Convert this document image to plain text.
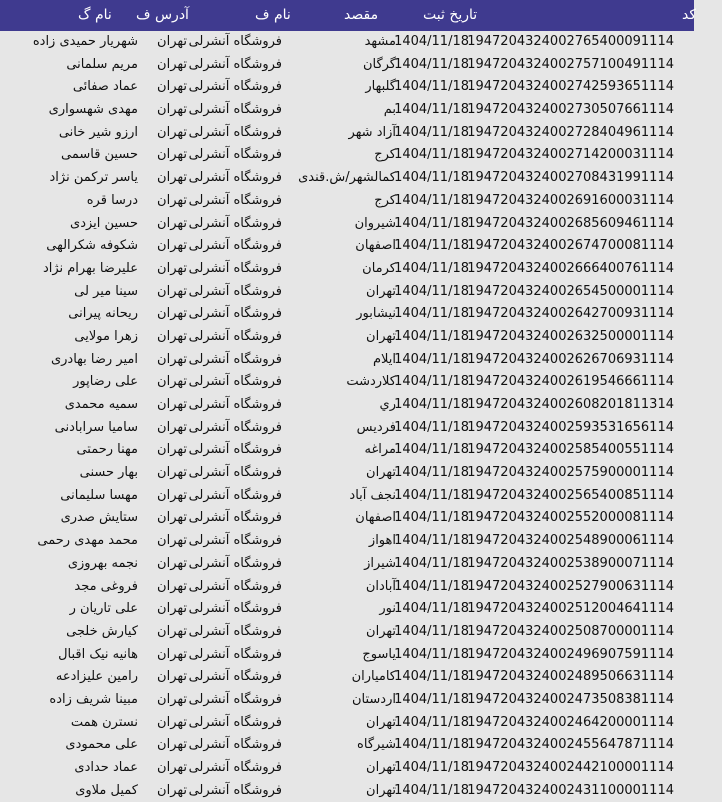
کد
تاریخ ثبت
مقصد
نام ف
آدرس ف
نام گ
1947204324002765400091114
1404/11/18
مشهد
فروشگاه آنشرلی
تهران
شهریار حمیدی زاده
1947204324002757100491114
1404/11/18
گرگان
فروشگاه آنشرلی
تهران
مریم سلمانی
1947204324002742593651114
1404/11/18
گلبهار
فروشگاه آنشرلی
تهران
عماد صفائی
1947204324002730507661114
1404/11/18
بم
فروشگاه آنشرلی
تهران
مهدی شهسواری
1947204324002728404961114
1404/11/18
آزاد شهر
فروشگاه آنشرلی
تهران
ارزو شیر خانی
1947204324002714200031114
1404/11/18
کرج
فروشگاه آنشرلی
تهران
حسین قاسمی
1947204324002708431991114
1404/11/18
کمالشهر/ش.قندی
فروشگاه آنشرلی
تهران
یاسر ترکمن نژاد
1947204324002691600031114
1404/11/18
کرج
فروشگاه آنشرلی
تهران
درسا قره
1947204324002685609461114
1404/11/18
شیروان
فروشگاه آنشرلی
تهران
حسین ایزدی
1947204324002674700081114
1404/11/18
اصفهان
فروشگاه آنشرلی
تهران
شکوفه شکرالهی
1947204324002666400761114
1404/11/18
کرمان
فروشگاه آنشرلی
تهران
علیرضا بهرام نژاد
1947204324002654500001114
1404/11/18
تهران
فروشگاه آنشرلی
تهران
سینا میر لی
1947204324002642700931114
1404/11/18
نیشابور
فروشگاه آنشرلی
تهران
ریحانه پیرانی
1947204324002632500001114
1404/11/18
تهران
فروشگاه آنشرلی
تهران
زهرا مولایی
1947204324002626706931114
1404/11/18
ایلام
فروشگاه آنشرلی
تهران
امیر رضا بهادری
1947204324002619546661114
1404/11/18
کلاردشت
فروشگاه آنشرلی
تهران
علی رضاپور
1947204324002608201811314
1404/11/18
ري
فروشگاه آنشرلی
تهران
سمیه محمدی
1947204324002593531656114
1404/11/18
فردیس
فروشگاه آنشرلی
تهران
سامیا سرابادنی
1947204324002585400551114
1404/11/18
مراغه
فروشگاه آنشرلی
تهران
مهنا رحمتی
1947204324002575900001114
1404/11/18
تهران
فروشگاه آنشرلی
تهران
بهار حسنی
1947204324002565400851114
1404/11/18
نجف آباد
فروشگاه آنشرلی
تهران
مهسا سلیمانی
1947204324002552000081114
1404/11/18
اصفهان
فروشگاه آنشرلی
تهران
ستایش صدری
1947204324002548900061114
1404/11/18
اهواز
فروشگاه آنشرلی
تهران
محمد مهدی رحمی
1947204324002538900071114
1404/11/18
شیراز
فروشگاه آنشرلی
تهران
نجمه بهروزی
1947204324002527900631114
1404/11/18
آبادان
فروشگاه آنشرلی
تهران
فروغی مجد
1947204324002512004641114
1404/11/18
نور
فروشگاه آنشرلی
تهران
علی تاریان ر
1947204324002508700001114
1404/11/18
تهران
فروشگاه آنشرلی
تهران
کیارش خلجی
1947204324002496907591114
1404/11/18
یاسوج
فروشگاه آنشرلی
تهران
هانیه نیک اقبال
1947204324002489506631114
1404/11/18
کامیاران
فروشگاه آنشرلی
تهران
رامین علیزادعه
1947204324002473508381114
1404/11/18
اردستان
فروشگاه آنشرلی
تهران
مبینا شریف زاده
1947204324002464200001114
1404/11/18
تهران
فروشگاه آنشرلی
تهران
نسترن همت
1947204324002455647871114
1404/11/18
شیرگاه
فروشگاه آنشرلی
تهران
علی محمودی
1947204324002442100001114
1404/11/18
تهران
فروشگاه آنشرلی
تهران
عماد حدادی
1947204324002431100001114
1404/11/18
تهران
فروشگاه آنشرلی
تهران
کمیل ملاوی
